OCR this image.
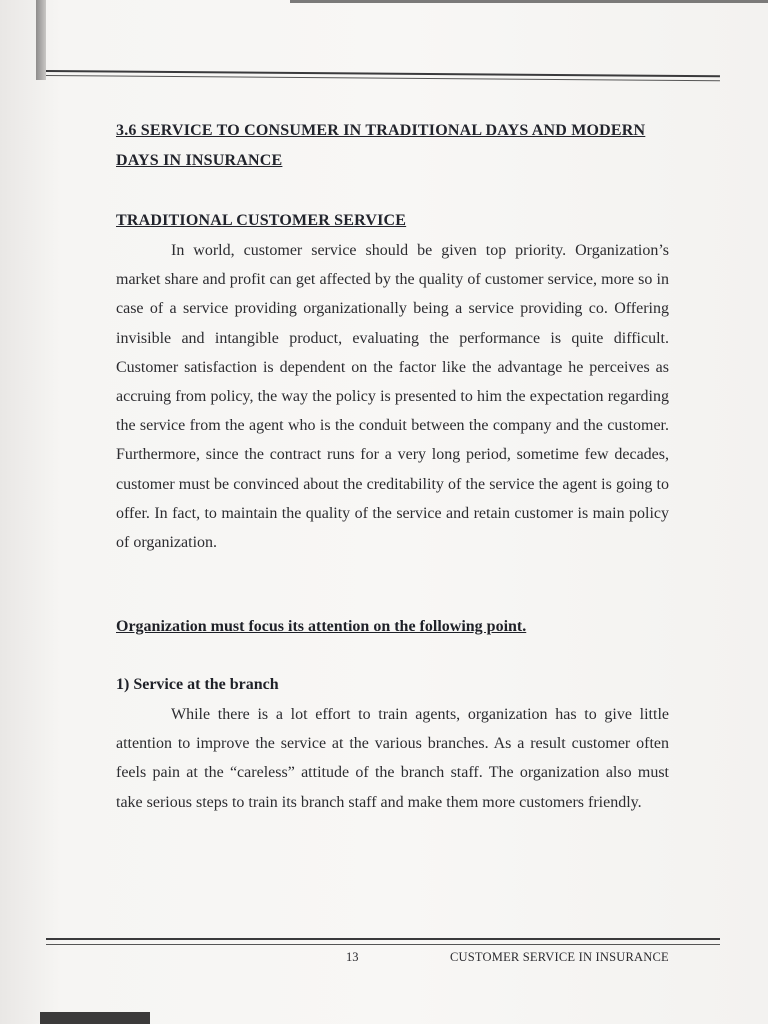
3.6 SERVICE TO CONSUMER IN TRADITIONAL DAYS AND MODERN DAYS IN INSURANCE
TRADITIONAL CUSTOMER SERVICE
In world, customer service should be given top priority. Organization’s market share and profit can get affected by the quality of customer service, more so in case of a service providing organizationally being a service providing co. Offering invisible and intangible product, evaluating the performance is quite difficult. Customer satisfaction is dependent on the factor like the advantage he perceives as accruing from policy, the way the policy is presented to him the expectation regarding the service from the agent who is the conduit between the company and the customer. Furthermore, since the contract runs for a very long period, sometime few decades, customer must be convinced about the creditability of the service the agent is going to offer. In fact, to maintain the quality of the service and retain customer is main policy of organization.
Organization must focus its attention on the following point.
1) Service at the branch
While there is a lot effort to train agents, organization has to give little attention to improve the service at the various branches. As a result customer often feels pain at the “careless” attitude of the branch staff. The organization also must take serious steps to train its branch staff and make them more customers friendly.
13	CUSTOMER SERVICE IN INSURANCE
